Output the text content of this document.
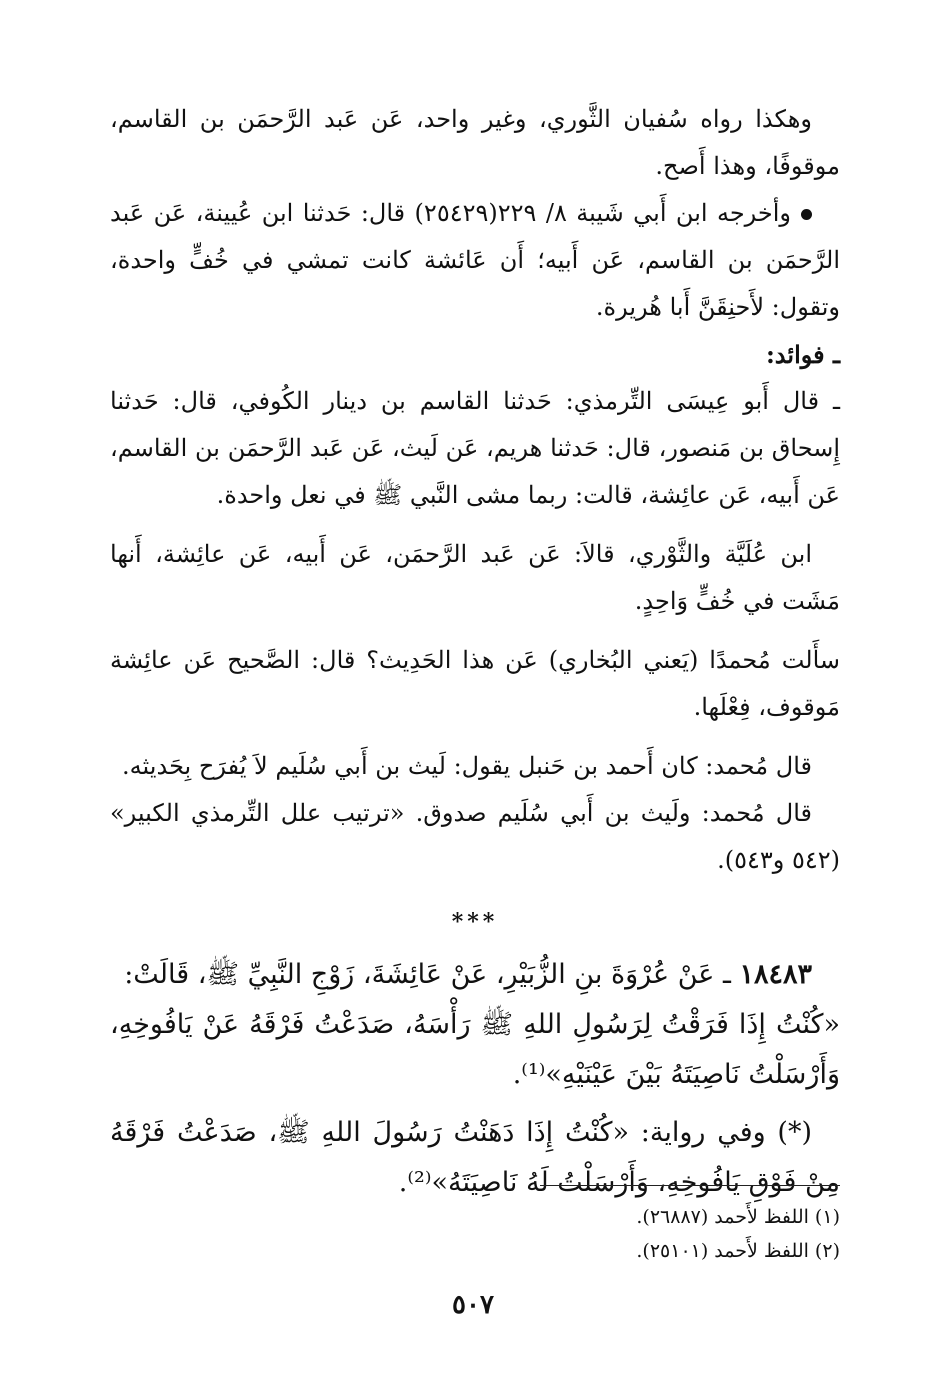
وهكذا رواه سُفيان الثَّوري، وغير واحد، عَن عَبد الرَّحمَن بن القاسم، موقوفًا، وهذا أَصح.

وأخرجه ابن أَبي شَيبة ٨/ ٢٢٩(٢٥٤٢٩) قال: حَدثنا ابن عُيينة، عَن عَبد الرَّحمَن بن القاسم، عَن أَبيه؛ أَن عَائشة كانت تمشي في خُفٍّ واحدة، وتقول: لأَحنِقَنَّ أَبا هُريرة.

ـ فوائد:

ـ قال أَبو عِيسَى التِّرمذي: حَدثنا القاسم بن دينار الكُوفي، قال: حَدثنا إِسحاق بن مَنصور، قال: حَدثنا هريم، عَن لَيث، عَن عَبد الرَّحمَن بن القاسم، عَن أَبيه، عَن عائِشة، قالت: ربما مشى النَّبي ﷺ في نعل واحدة.

ابن عُلَيَّة والثَّوْري، قالاَ: عَن عَبد الرَّحمَن، عَن أَبيه، عَن عائِشة، أَنها مَشَت في خُفٍّ وَاحِدٍ.

سأَلت مُحمدًا (يَعني البُخاري) عَن هذا الحَدِيث؟ قال: الصَّحيح عَن عائِشة مَوقوف، فِعْلَها.

قال مُحمد: كان أَحمد بن حَنبل يقول: لَيث بن أَبي سُلَيم لاَ يُفرَح بِحَديثه.

قال مُحمد: ولَيث بن أَبي سُلَيم صدوق. «ترتيب علل التِّرمذي الكبير» (٥٤٢ و٥٤٣).

***

١٨٤٨٣ ـ عَنْ عُرْوَةَ بنِ الزُّبَيْرِ، عَنْ عَائِشَةَ، زَوْجِ النَّبِيِّ ﷺ، قَالَتْ:

«كُنْتُ إِذَا فَرَقْتُ لِرَسُولِ اللهِ ﷺ رَأْسَهُ، صَدَعْتُ فَرْقَهُ عَنْ يَافُوخِهِ، وَأَرْسَلْتُ نَاصِيَتَهُ بَيْنَ عَيْنَيْهِ»⁽¹⁾.

(*) وفي رواية: «كُنْتُ إِذَا دَهَنْتُ رَسُولَ اللهِ ﷺ، صَدَعْتُ فَرْقَهُ مِنْ فَوْقِ يَافُوخِهِ، وَأَرْسَلْتُ لَهُ نَاصِيَتَهُ»⁽²⁾.

(١) اللفظ لأَحمد (٢٦٨٨٧).

(٢) اللفظ لأَحمد (٢٥١٠١).

٥٠٧
